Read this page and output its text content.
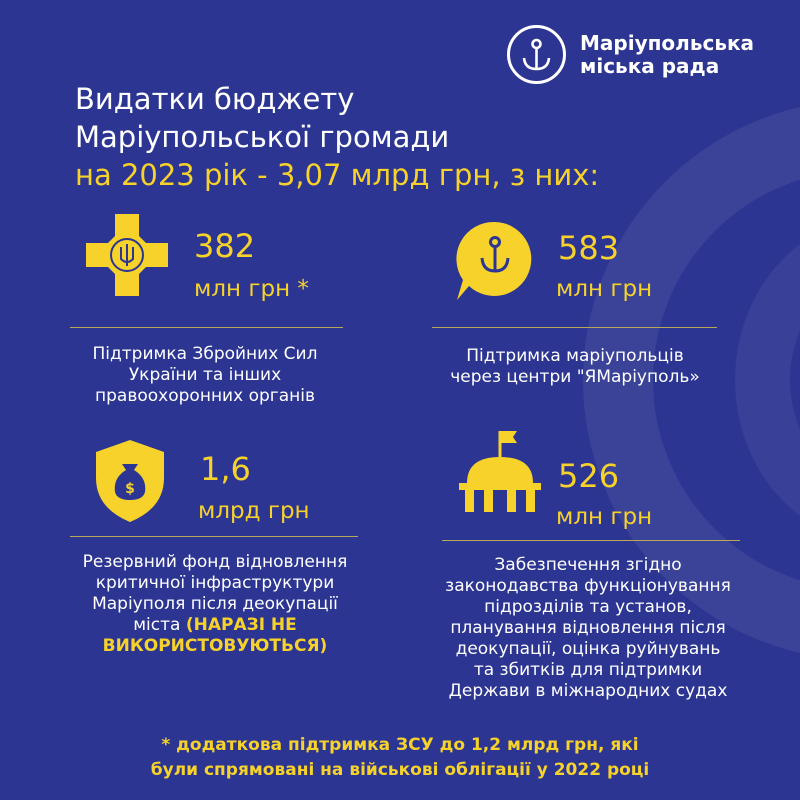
Маріупольська
міська рада
Видатки бюджету
Маріупольської громади
на 2023 рік - 3,07 млрд грн, з них:
382
млн грн *
Підтримка Збройних Сил
України та інших
правоохоронних органів
583
млн грн
Підтримка маріупольців
через центри "ЯМаріуполь»
$
1,6
млрд грн
Резервний фонд відновлення
критичної інфраструктури
Маріуполя після деокупації
міста (НАРАЗІ НЕ
ВИКОРИСТОВУЮТЬСЯ)
526
млн грн
Забезпечення згідно
законодавства функціонування
підрозділів та установ,
планування відновлення після
деокупації, оцінка руйнувань
та збитків для підтримки
Держави в міжнародних судах
* додаткова підтримка ЗСУ до 1,2 млрд грн, які
були спрямовані на військові облігації у 2022 році
